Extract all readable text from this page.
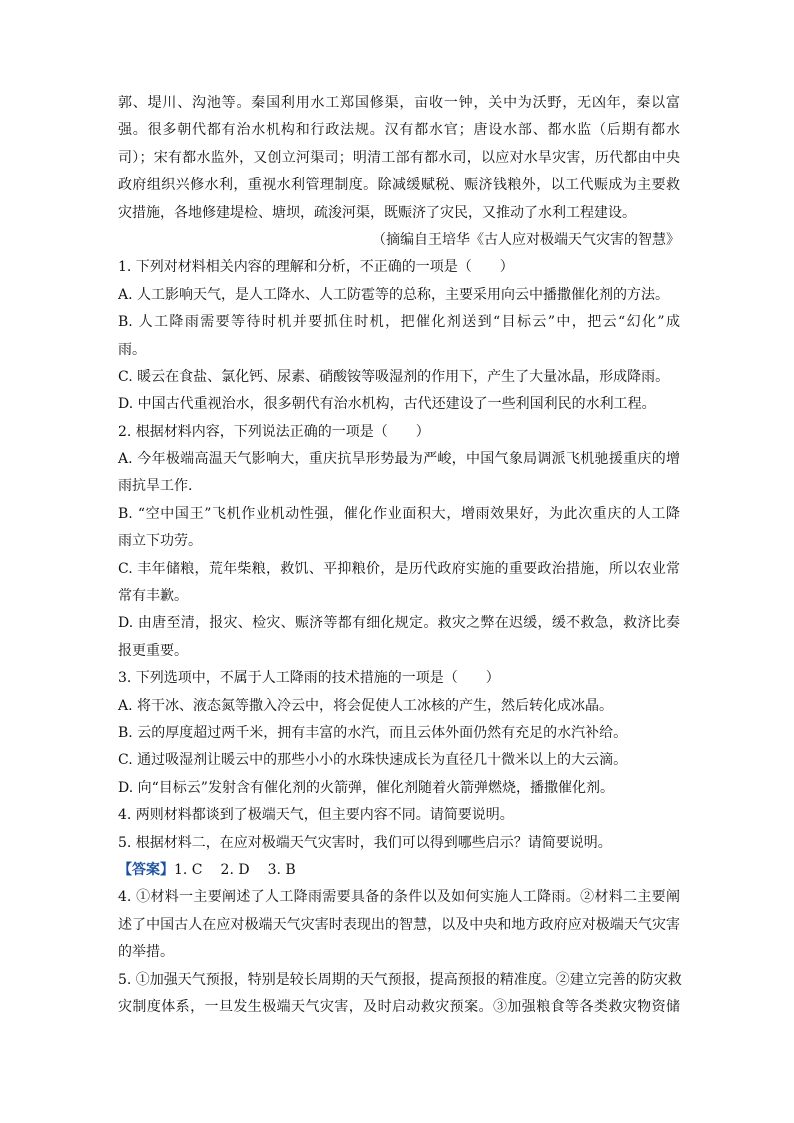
郭、堤川、沟池等。秦国利用水工郑国修渠，亩收一钟，关中为沃野，无凶年，秦以富
强。很多朝代都有治水机构和行政法规。汉有都水官；唐设水部、都水监（后期有都水
司）；宋有都水监外，又创立河渠司；明清工部有都水司，以应对水旱灾害，历代都由中央
政府组织兴修水利，重视水利管理制度。除减缓赋税、赈济钱粮外，以工代赈成为主要救
灾措施，各地修建堤检、塘坝，疏浚河渠，既赈济了灾民，又推动了水利工程建设。
（摘编自王培华《古人应对极端天气灾害的智慧》
1. 下列对材料相关内容的理解和分析，不正确的一项是（　　）
A. 人工影响天气，是人工降水、人工防雹等的总称，主要采用向云中播撒催化剂的方法。
B. 人工降雨需要等待时机并要抓住时机，把催化剂送到“目标云”中，把云“幻化”成
雨。
C. 暖云在食盐、氯化钙、尿素、硝酸铵等吸湿剂的作用下，产生了大量冰晶，形成降雨。
D. 中国古代重视治水，很多朝代有治水机构，古代还建设了一些利国利民的水利工程。
2. 根据材料内容，下列说法正确的一项是（　　）
A. 今年极端高温天气影响大，重庆抗旱形势最为严峻，中国气象局调派飞机驰援重庆的增
雨抗旱工作.
B. “空中国王”飞机作业机动性强，催化作业面积大，增雨效果好，为此次重庆的人工降
雨立下功劳。
C. 丰年储粮，荒年柴粮，救饥、平抑粮价，是历代政府实施的重要政治措施，所以农业常
常有丰歉。
D. 由唐至清，报灾、检灾、赈济等都有细化规定。救灾之弊在迟缓，缓不救急，救济比奏
报更重要。
3. 下列选项中，不属于人工降雨的技术措施的一项是（　　）
A. 将干冰、液态氮等撒入冷云中，将会促使人工冰核的产生，然后转化成冰晶。
B. 云的厚度超过两千米，拥有丰富的水汽，而且云体外面仍然有充足的水汽补给。
C. 通过吸湿剂让暖云中的那些小小的水珠快速成长为直径几十微米以上的大云滴。
D. 向“目标云”发射含有催化剂的火箭弹，催化剂随着火箭弹燃烧，播撒催化剂。
4. 两则材料都谈到了极端天气，但主要内容不同。请简要说明。
5. 根据材料二，在应对极端天气灾害时，我们可以得到哪些启示？请简要说明。
【答案】1. C 2. D 3. B
4. ①材料一主要阐述了人工降雨需要具备的条件以及如何实施人工降雨。②材料二主要阐
述了中国古人在应对极端天气灾害时表现出的智慧，以及中央和地方政府应对极端天气灾害
的举措。
5. ①加强天气预报，特别是较长周期的天气预报，提高预报的精准度。②建立完善的防灾救
灾制度体系，一旦发生极端天气灾害，及时启动救灾预案。③加强粮食等各类救灾物资储
